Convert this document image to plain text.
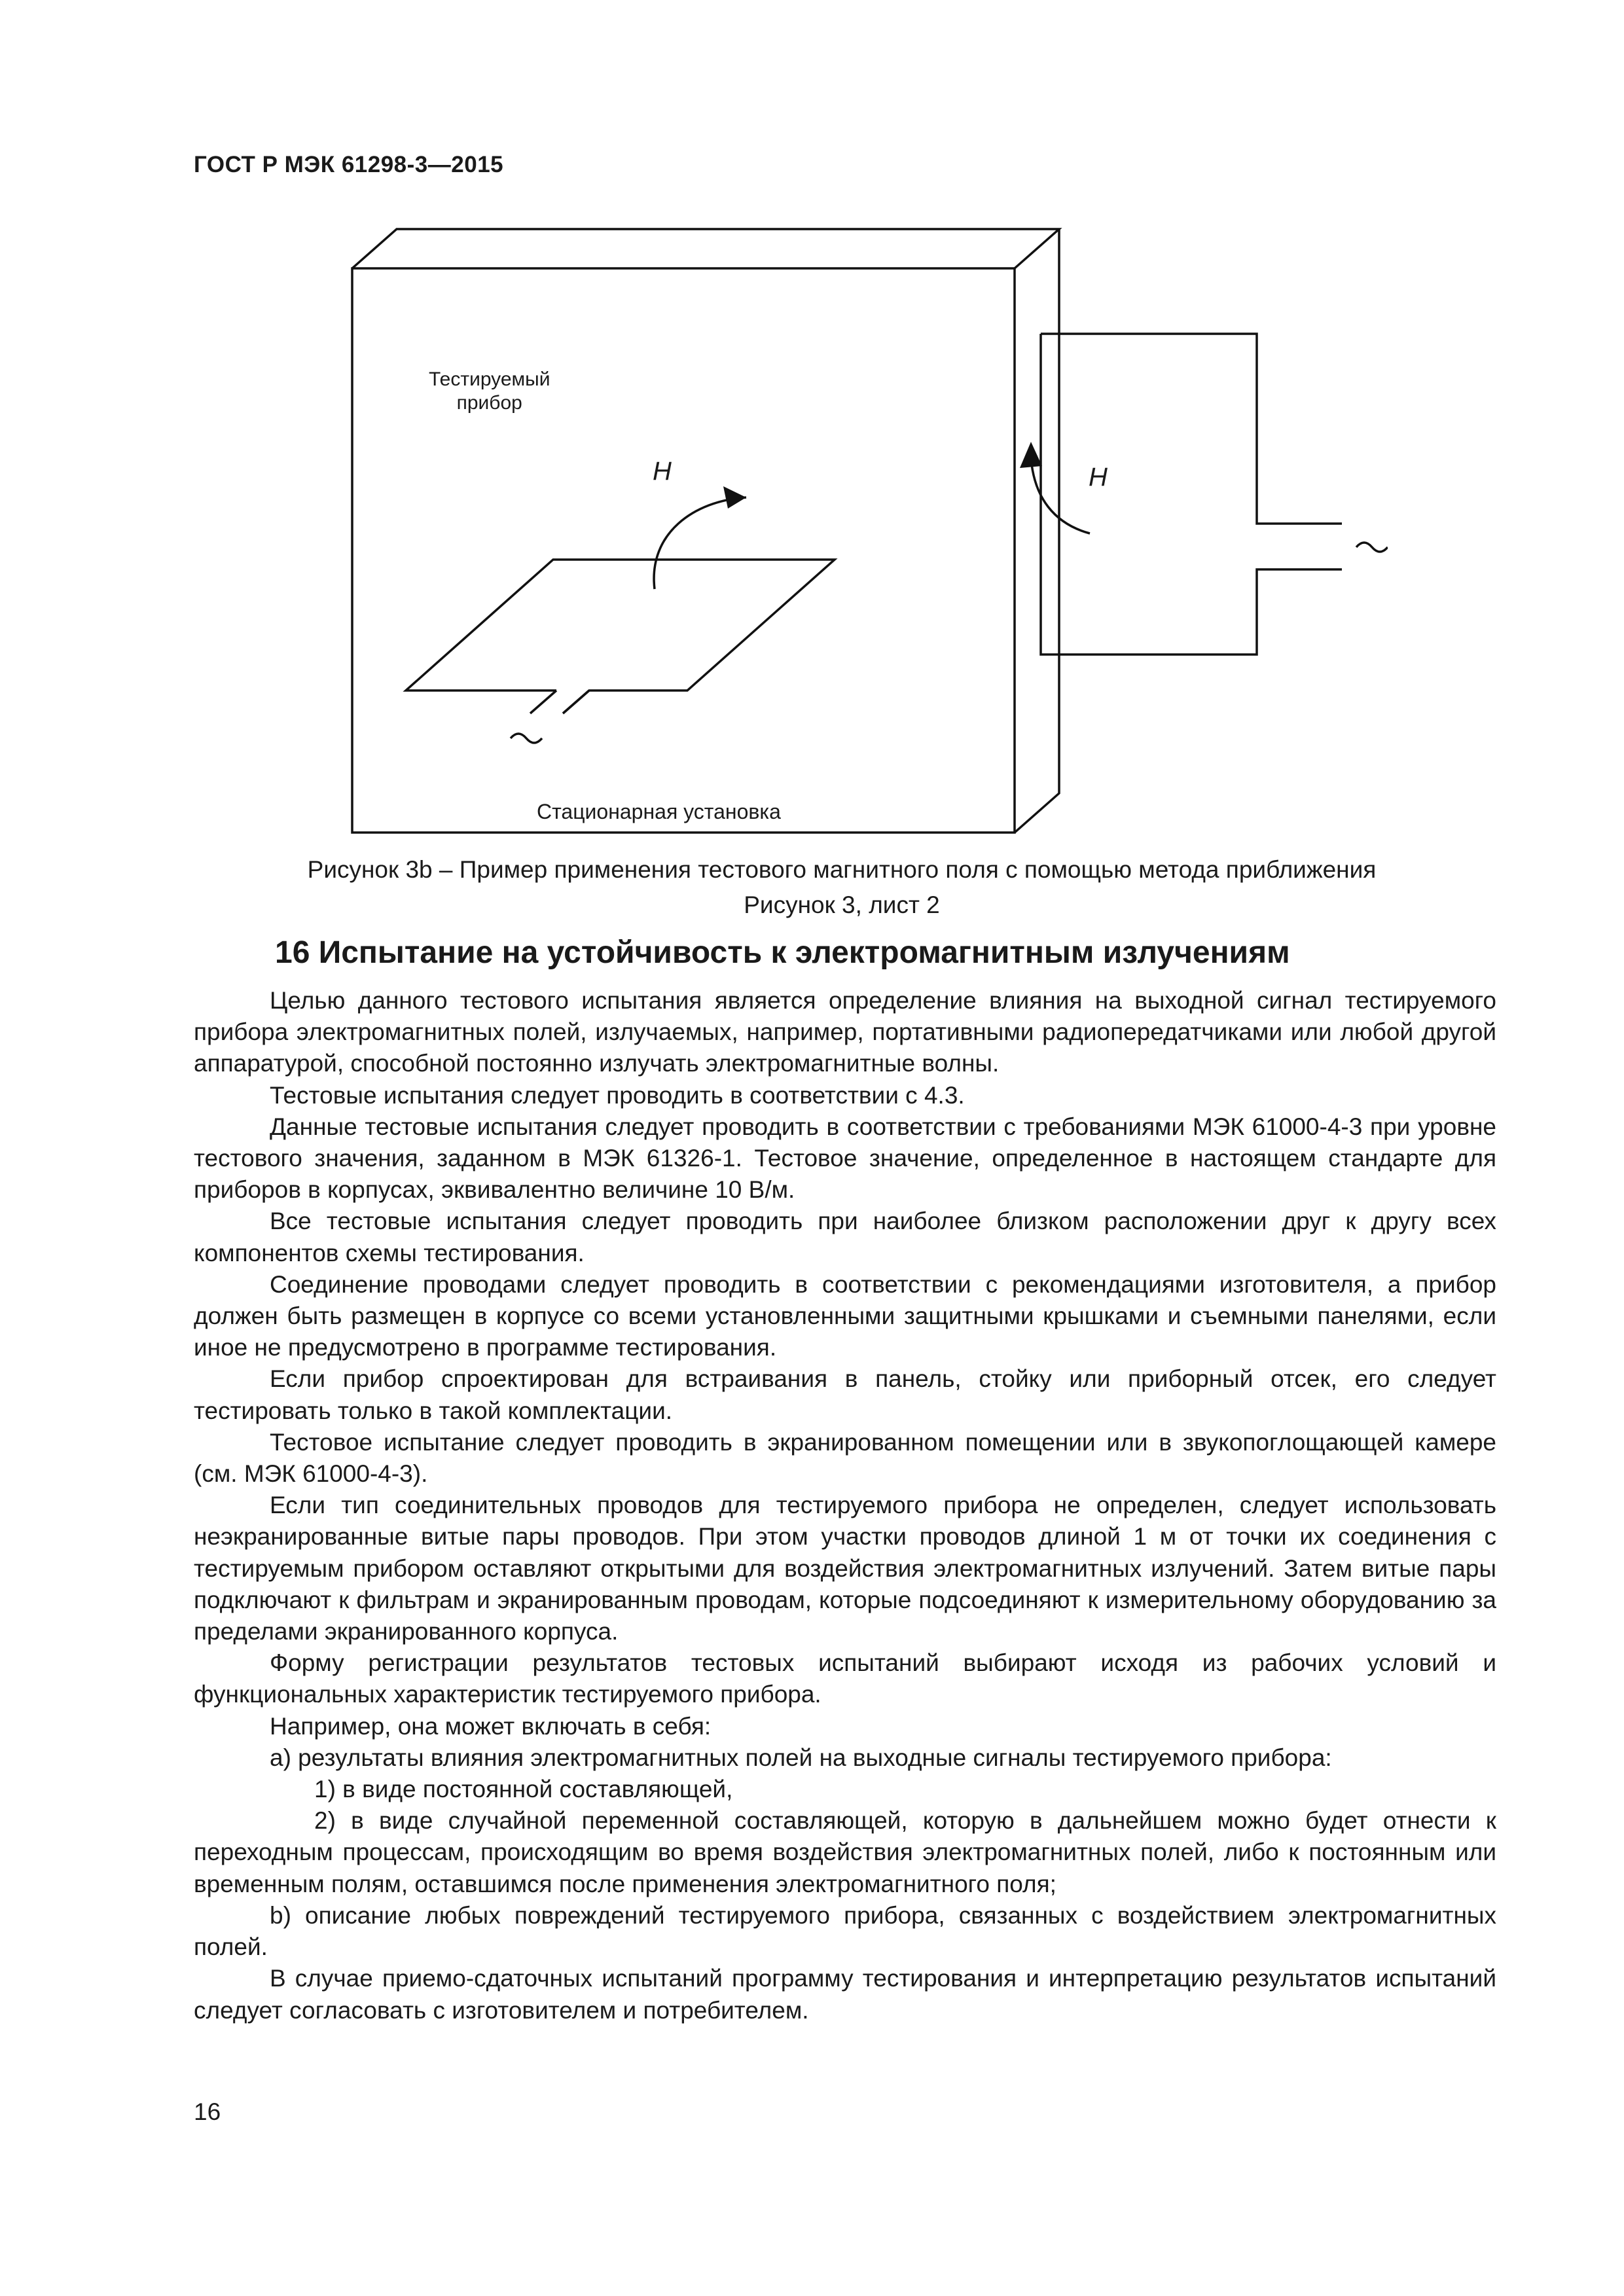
ГОСТ Р МЭК 61298-3—2015
Тестируемый
прибор
H	H
Стационарная установка
Рисунок 3b – Пример применения тестового магнитного поля с помощью метода приближения
Рисунок 3, лист 2
16 Испытание на устойчивость к электромагнитным излучениям

Целью данного тестового испытания является определение влияния на выходной сигнал тестируемого прибора электромагнитных полей, излучаемых, например, портативными радиопередатчиками или любой другой аппаратурой, способной постоянно излучать электромагнитные волны.

Тестовые испытания следует проводить в соответствии с 4.3.

Данные тестовые испытания следует проводить в соответствии с требованиями МЭК 61000-4-3 при уровне тестового значения, заданном в МЭК 61326-1. Тестовое значение, определенное в настоящем стандарте для приборов в корпусах, эквивалентно величине 10 В/м.

Все тестовые испытания следует проводить при наиболее близком расположении друг к другу всех компонентов схемы тестирования.

Соединение проводами следует проводить в соответствии с рекомендациями изготовителя, а прибор должен быть размещен в корпусе со всеми установленными защитными крышками и съемными панелями, если иное не предусмотрено в программе тестирования.

Если прибор спроектирован для встраивания в панель, стойку или приборный отсек, его следует тестировать только в такой комплектации.

Тестовое испытание следует проводить в экранированном помещении или в звукопоглощающей камере (см. МЭК 61000-4-3).

Если тип соединительных проводов для тестируемого прибора не определен, следует использовать неэкранированные витые пары проводов. При этом участки проводов длиной 1 м от точки их соединения с тестируемым прибором оставляют открытыми для воздействия электромагнитных излучений. Затем витые пары подключают к фильтрам и экранированным проводам, которые подсоединяют к измерительному оборудованию за пределами экранированного корпуса.

Форму регистрации результатов тестовых испытаний выбирают исходя из рабочих условий и функциональных характеристик тестируемого прибора.

Например, она может включать в себя:

а) результаты влияния электромагнитных полей на выходные сигналы тестируемого прибора:

1) в виде постоянной составляющей,

2) в виде случайной переменной составляющей, которую в дальнейшем можно будет отнести к переходным процессам, происходящим во время воздействия электромагнитных полей, либо к постоянным или временным полям, оставшимся после применения электромагнитного поля;

b) описание любых повреждений тестируемого прибора, связанных с воздействием электромагнитных полей.

В случае приемо-сдаточных испытаний программу тестирования и интерпретацию результатов испытаний следует согласовать с изготовителем и потребителем.

16
